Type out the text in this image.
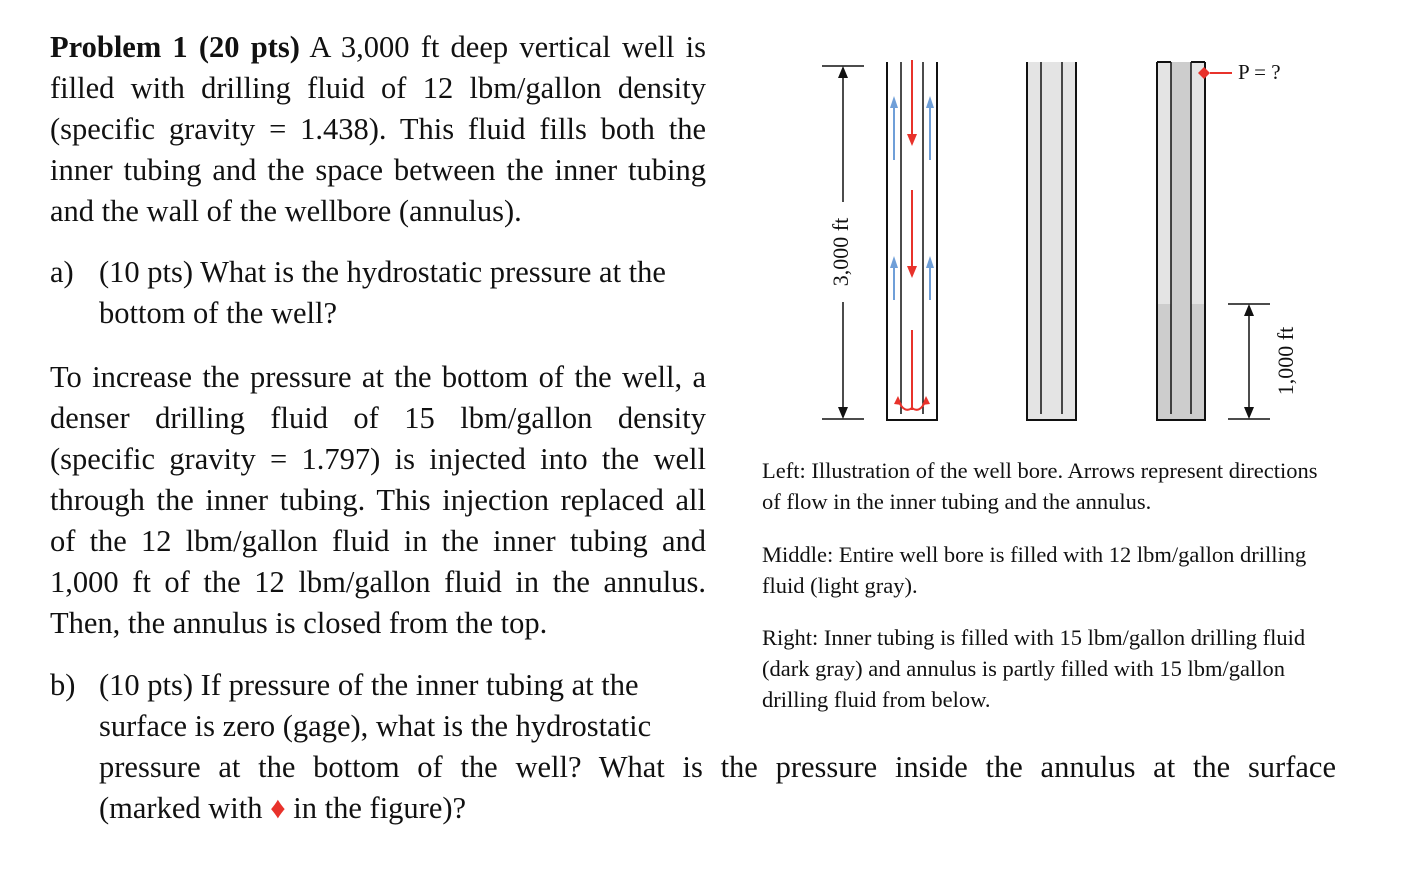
Problem 1 (20 pts) A 3,000 ft deep vertical well is filled with drilling fluid of 12 lbm/gallon density (specific gravity = 1.438). This fluid fills both the inner tubing and the space between the inner tubing and the wall of the wellbore (annulus).
a) (10 pts) What is the hydrostatic pressure at the bottom of the well?
To increase the pressure at the bottom of the well, a denser drilling fluid of 15 lbm/gallon density (specific gravity = 1.797) is injected into the well through the inner tubing. This injection replaced all of the 12 lbm/gallon fluid in the inner tubing and 1,000 ft of the 12 lbm/gallon fluid in the annulus. Then, the annulus is closed from the top.
b) (10 pts) If pressure of the inner tubing at the
surface is zero (gage), what is the hydrostatic
pressure at the bottom of the well? What is the pressure inside the annulus at the surface
(marked with ♦ in the figure)?
3,000 ft
P = ?
1,000 ft
Left: Illustration of the well bore. Arrows represent directions of flow in the inner tubing and the annulus.
Middle: Entire well bore is filled with 12 lbm/gallon drilling fluid (light gray).
Right: Inner tubing is filled with 15 lbm/gallon drilling fluid (dark gray) and annulus is partly filled with 15 lbm/gallon drilling fluid from below.
